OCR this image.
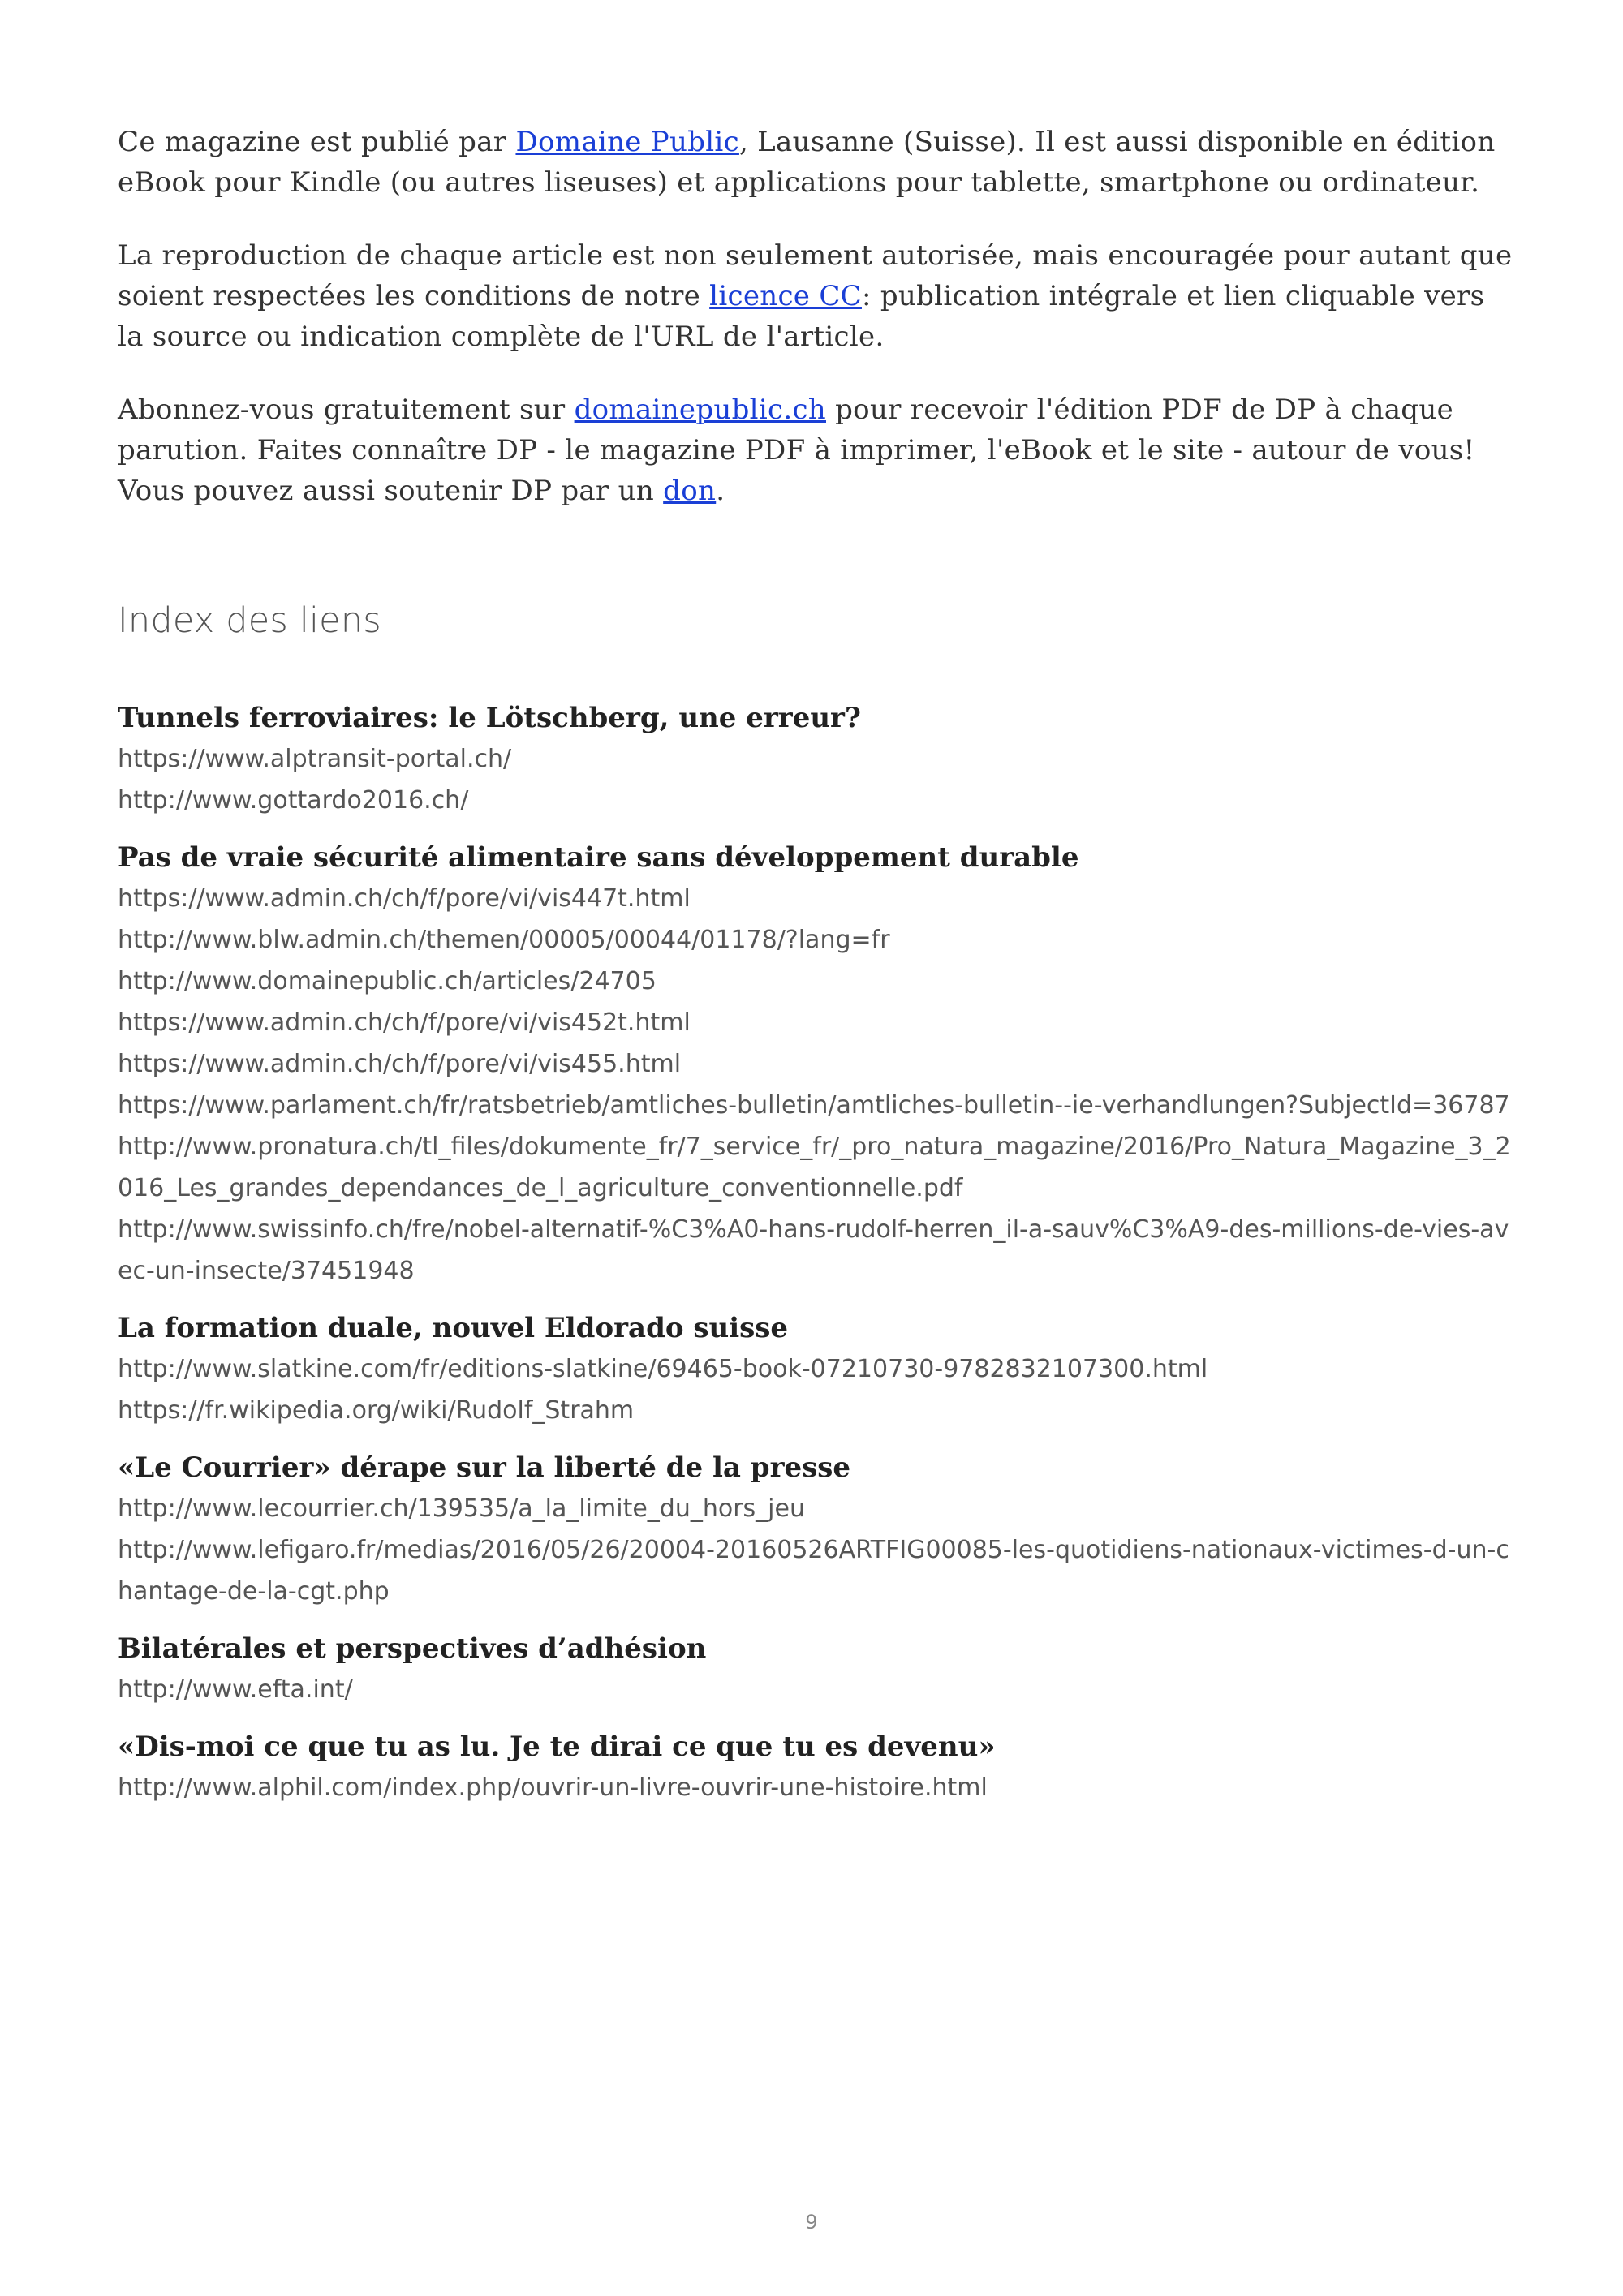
Ce magazine est publié par Domaine Public, Lausanne (Suisse). Il est aussi disponible en édition eBook pour Kindle (ou autres liseuses) et applications pour tablette, smartphone ou ordinateur.

La reproduction de chaque article est non seulement autorisée, mais encouragée pour autant que soient respectées les conditions de notre licence CC: publication intégrale et lien cliquable vers la source ou indication complète de l'URL de l'article.

Abonnez-vous gratuitement sur domainepublic.ch pour recevoir l'édition PDF de DP à chaque parution. Faites connaître DP - le magazine PDF à imprimer, l'eBook et le site - autour de vous! Vous pouvez aussi soutenir DP par un don.

Index des liens

Tunnels ferroviaires: le Lötschberg, une erreur?

https://www.alptransit-portal.ch/

http://www.gottardo2016.ch/

Pas de vraie sécurité alimentaire sans développement durable

https://www.admin.ch/ch/f/pore/vi/vis447t.html

http://www.blw.admin.ch/themen/00005/00044/01178/?lang=fr

http://www.domainepublic.ch/articles/24705

https://www.admin.ch/ch/f/pore/vi/vis452t.html

https://www.admin.ch/ch/f/pore/vi/vis455.html

https://www.parlament.ch/fr/ratsbetrieb/amtliches-bulletin/amtliches-bulletin--ie-verhandlungen?SubjectId=36787

http://www.pronatura.ch/tl_files/dokumente_fr/7_service_fr/_pro_natura_magazine/2016/Pro_Natura_Magazine_3_2016_Les_grandes_dependances_de_l_agriculture_conventionnelle.pdf

http://www.swissinfo.ch/fre/nobel-alternatif-%C3%A0-hans-rudolf-herren_il-a-sauv%C3%A9-des-millions-de-vies-avec-un-insecte/37451948

La formation duale, nouvel Eldorado suisse

http://www.slatkine.com/fr/editions-slatkine/69465-book-07210730-9782832107300.html

https://fr.wikipedia.org/wiki/Rudolf_Strahm

«Le Courrier» dérape sur la liberté de la presse

http://www.lecourrier.ch/139535/a_la_limite_du_hors_jeu

http://www.lefigaro.fr/medias/2016/05/26/20004-20160526ARTFIG00085-les-quotidiens-nationaux-victimes-d-un-chantage-de-la-cgt.php

Bilatérales et perspectives d’adhésion

http://www.efta.int/

«Dis-moi ce que tu as lu. Je te dirai ce que tu es devenu»

http://www.alphil.com/index.php/ouvrir-un-livre-ouvrir-une-histoire.html

9
